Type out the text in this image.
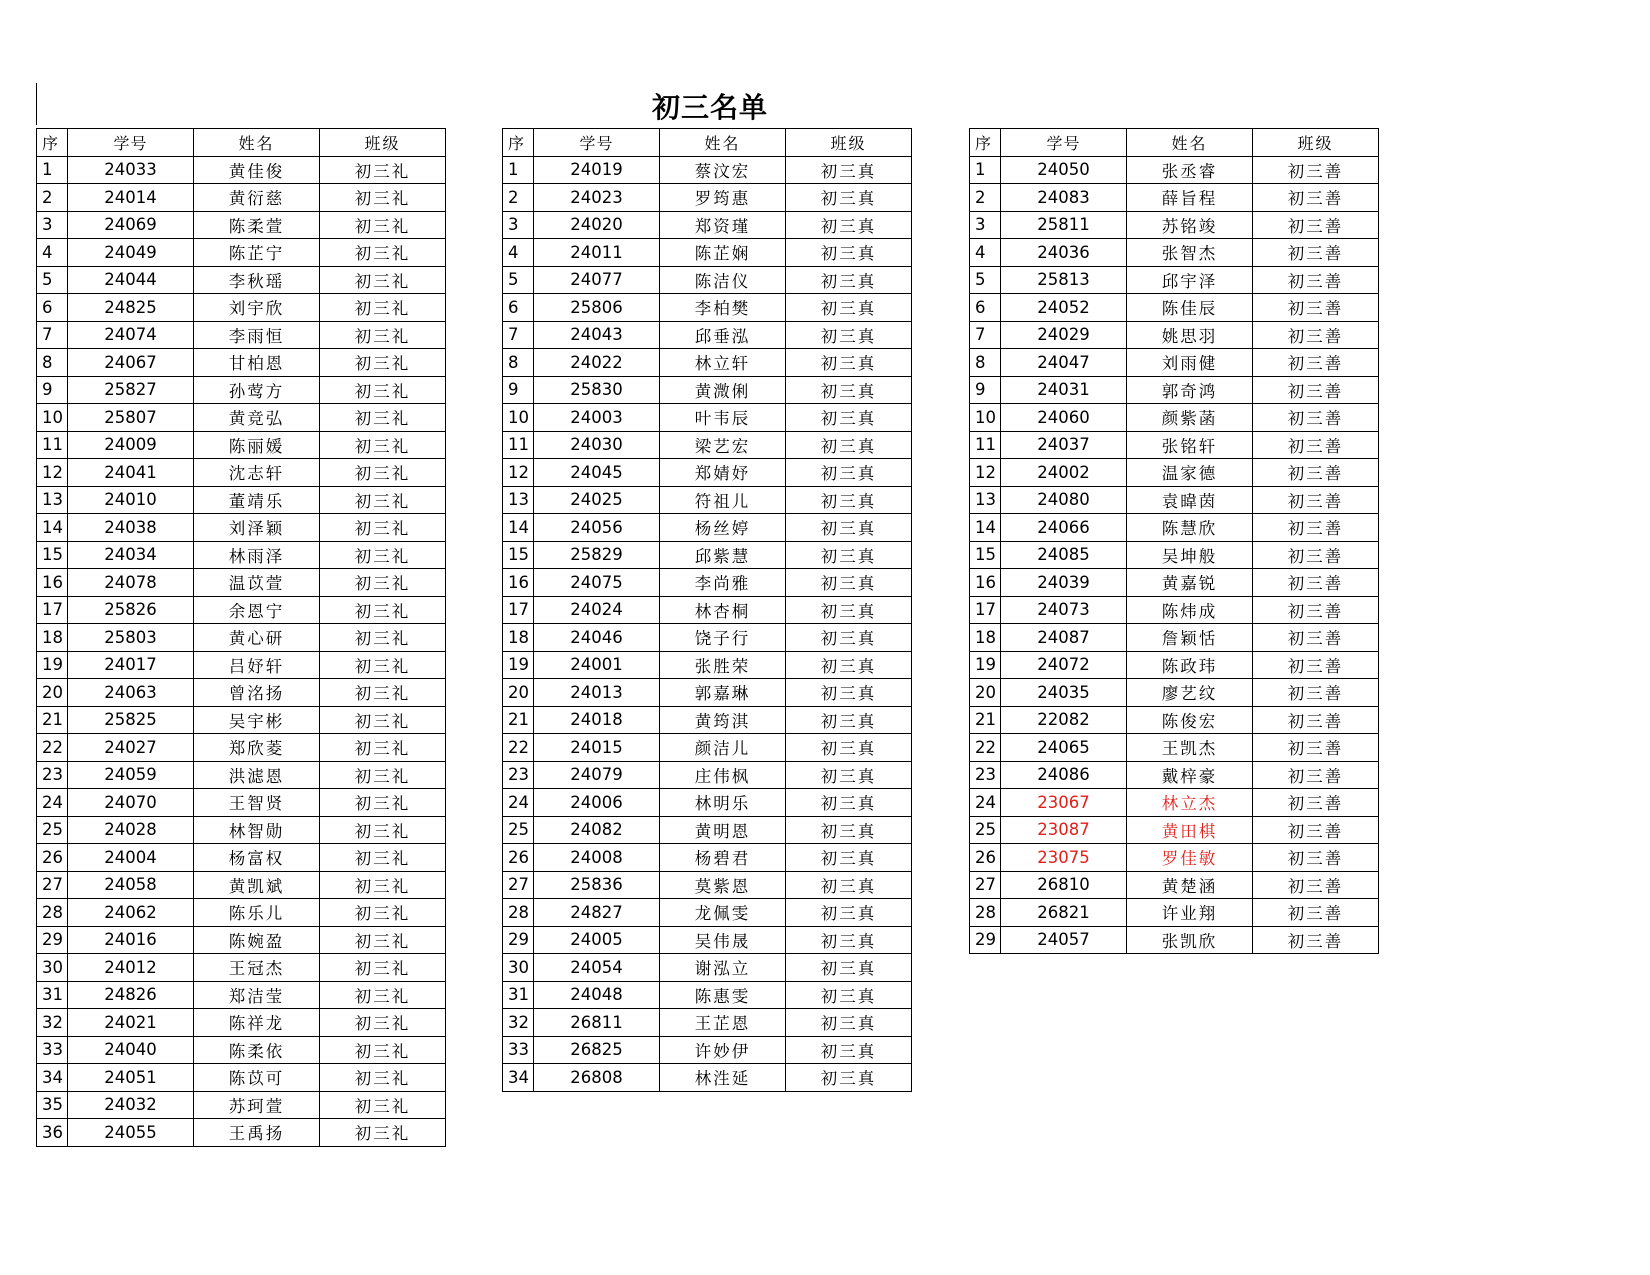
初三名单
序	学号	姓名	班级
1	24033	黄佳俊	初三礼
2	24014	黄衍慈	初三礼
3	24069	陈柔萱	初三礼
4	24049	陈芷宁	初三礼
5	24044	李秋瑶	初三礼
6	24825	刘宇欣	初三礼
7	24074	李雨恒	初三礼
8	24067	甘柏恩	初三礼
9	25827	孙莺方	初三礼
10	25807	黄竞弘	初三礼
11	24009	陈丽媛	初三礼
12	24041	沈志轩	初三礼
13	24010	董靖乐	初三礼
14	24038	刘泽颖	初三礼
15	24034	林雨泽	初三礼
16	24078	温苡萱	初三礼
17	25826	余恩宁	初三礼
18	25803	黄心研	初三礼
19	24017	吕妤轩	初三礼
20	24063	曾洺扬	初三礼
21	25825	吴宇彬	初三礼
22	24027	郑欣菱	初三礼
23	24059	洪滤恩	初三礼
24	24070	王智贤	初三礼
25	24028	林智勋	初三礼
26	24004	杨富权	初三礼
27	24058	黄凯斌	初三礼
28	24062	陈乐儿	初三礼
29	24016	陈婉盈	初三礼
30	24012	王冠杰	初三礼
31	24826	郑洁莹	初三礼
32	24021	陈祥龙	初三礼
33	24040	陈柔依	初三礼
34	24051	陈苡可	初三礼
35	24032	苏珂萱	初三礼
36	24055	王禹扬	初三礼
序	学号	姓名	班级
1	24019	蔡汶宏	初三真
2	24023	罗筠惠	初三真
3	24020	郑资瑾	初三真
4	24011	陈芷娴	初三真
5	24077	陈洁仪	初三真
6	25806	李柏樊	初三真
7	24043	邱垂泓	初三真
8	24022	林立轩	初三真
9	25830	黄溦俐	初三真
10	24003	叶韦辰	初三真
11	24030	梁艺宏	初三真
12	24045	郑婧妤	初三真
13	24025	符祖儿	初三真
14	24056	杨丝婷	初三真
15	25829	邱紫慧	初三真
16	24075	李尚雅	初三真
17	24024	林杏桐	初三真
18	24046	饶子行	初三真
19	24001	张胜荣	初三真
20	24013	郭嘉琳	初三真
21	24018	黄筠淇	初三真
22	24015	颜洁儿	初三真
23	24079	庄伟枫	初三真
24	24006	林明乐	初三真
25	24082	黄明恩	初三真
26	24008	杨碧君	初三真
27	25836	莫紫恩	初三真
28	24827	龙佩雯	初三真
29	24005	吴伟晟	初三真
30	24054	谢泓立	初三真
31	24048	陈惠雯	初三真
32	26811	王芷恩	初三真
33	26825	许妙伊	初三真
34	26808	林泩延	初三真
序	学号	姓名	班级
1	24050	张丞睿	初三善
2	24083	薛旨程	初三善
3	25811	苏铭竣	初三善
4	24036	张智杰	初三善
5	25813	邱宇泽	初三善
6	24052	陈佳辰	初三善
7	24029	姚思羽	初三善
8	24047	刘雨健	初三善
9	24031	郭奇鸿	初三善
10	24060	颜紫菡	初三善
11	24037	张铭轩	初三善
12	24002	温家德	初三善
13	24080	袁暐茵	初三善
14	24066	陈慧欣	初三善
15	24085	吴坤般	初三善
16	24039	黄嘉锐	初三善
17	24073	陈炜成	初三善
18	24087	詹颖恬	初三善
19	24072	陈政玮	初三善
20	24035	廖艺纹	初三善
21	22082	陈俊宏	初三善
22	24065	王凯杰	初三善
23	24086	戴梓豪	初三善
24	23067	林立杰	初三善
25	23087	黄田棋	初三善
26	23075	罗佳敏	初三善
27	26810	黄楚涵	初三善
28	26821	许业翔	初三善
29	24057	张凯欣	初三善
